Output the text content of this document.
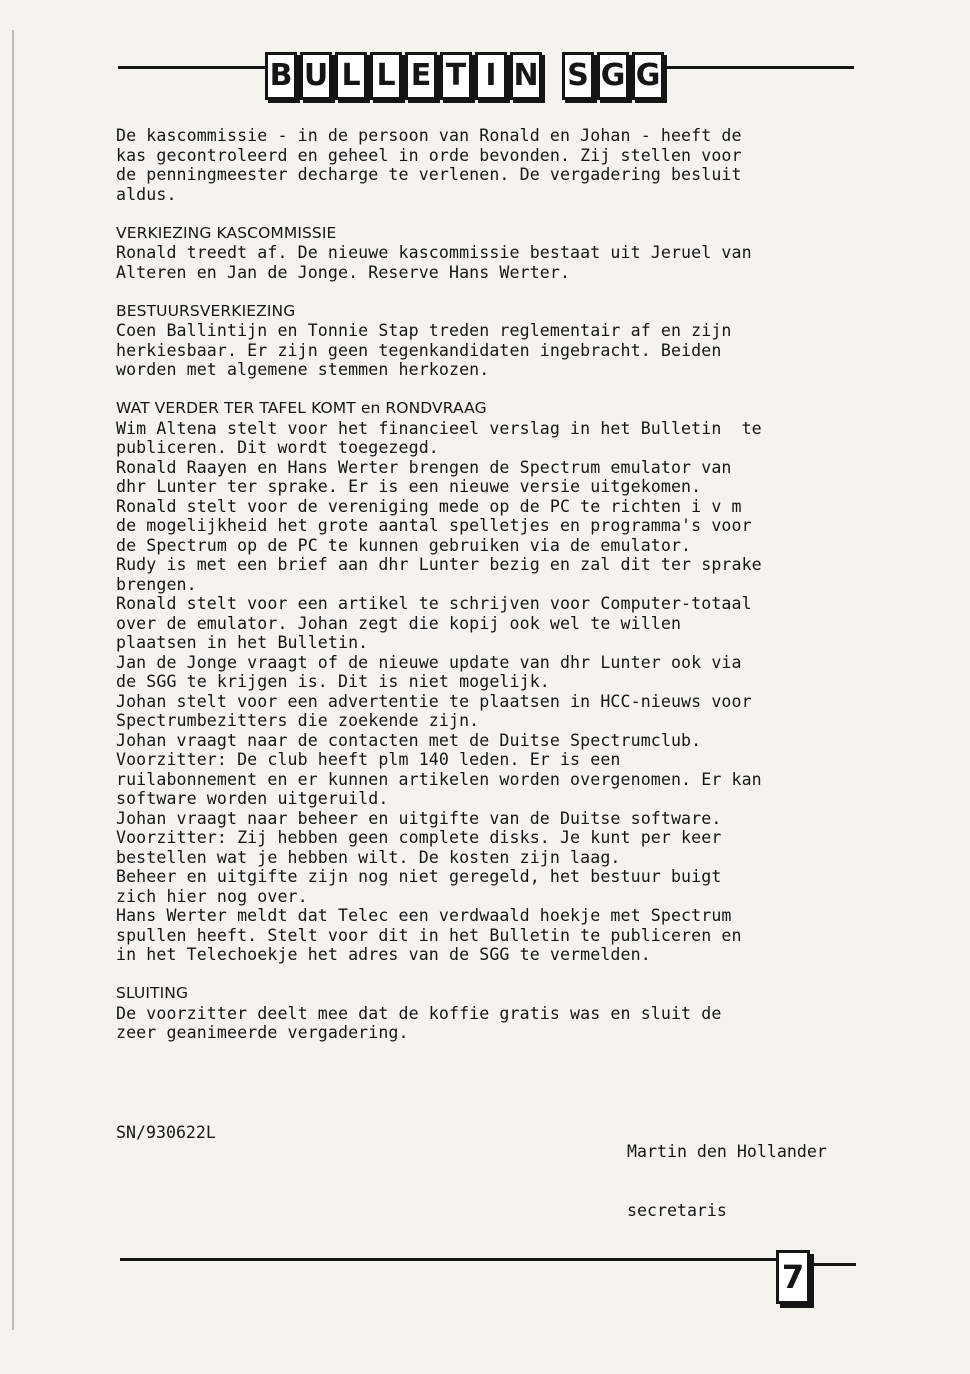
B U L L E T I N S G G
De kascommissie - in de persoon van Ronald en Johan - heeft de
kas gecontroleerd en geheel in orde bevonden. Zij stellen voor
de penningmeester decharge te verlenen. De vergadering besluit
aldus.
VERKIEZING KASCOMMISSIE
Ronald treedt af. De nieuwe kascommissie bestaat uit Jeruel van
Alteren en Jan de Jonge. Reserve Hans Werter.
BESTUURSVERKIEZING
Coen Ballintijn en Tonnie Stap treden reglementair af en zijn
herkiesbaar. Er zijn geen tegenkandidaten ingebracht. Beiden
worden met algemene stemmen herkozen.
WAT VERDER TER TAFEL KOMT en RONDVRAAG
Wim Altena stelt voor het financieel verslag in het Bulletin  te
publiceren. Dit wordt toegezegd.
Ronald Raayen en Hans Werter brengen de Spectrum emulator van
dhr Lunter ter sprake. Er is een nieuwe versie uitgekomen.
Ronald stelt voor de vereniging mede op de PC te richten i v m
de mogelijkheid het grote aantal spelletjes en programma's voor
de Spectrum op de PC te kunnen gebruiken via de emulator.
Rudy is met een brief aan dhr Lunter bezig en zal dit ter sprake
brengen.
Ronald stelt voor een artikel te schrijven voor Computer-totaal
over de emulator. Johan zegt die kopij ook wel te willen
plaatsen in het Bulletin.
Jan de Jonge vraagt of de nieuwe update van dhr Lunter ook via
de SGG te krijgen is. Dit is niet mogelijk.
Johan stelt voor een advertentie te plaatsen in HCC-nieuws voor
Spectrumbezitters die zoekende zijn.
Johan vraagt naar de contacten met de Duitse Spectrumclub.
Voorzitter: De club heeft plm 140 leden. Er is een
ruilabonnement en er kunnen artikelen worden overgenomen. Er kan
software worden uitgeruild.
Johan vraagt naar beheer en uitgifte van de Duitse software.
Voorzitter: Zij hebben geen complete disks. Je kunt per keer
bestellen wat je hebben wilt. De kosten zijn laag.
Beheer en uitgifte zijn nog niet geregeld, het bestuur buigt
zich hier nog over.
Hans Werter meldt dat Telec een verdwaald hoekje met Spectrum
spullen heeft. Stelt voor dit in het Bulletin te publiceren en
in het Telechoekje het adres van de SGG te vermelden.
SLUITING
De voorzitter deelt mee dat de koffie gratis was en sluit de
zeer geanimeerde vergadering.

Martin den Hollander

secretaris

SN/930622L

7
